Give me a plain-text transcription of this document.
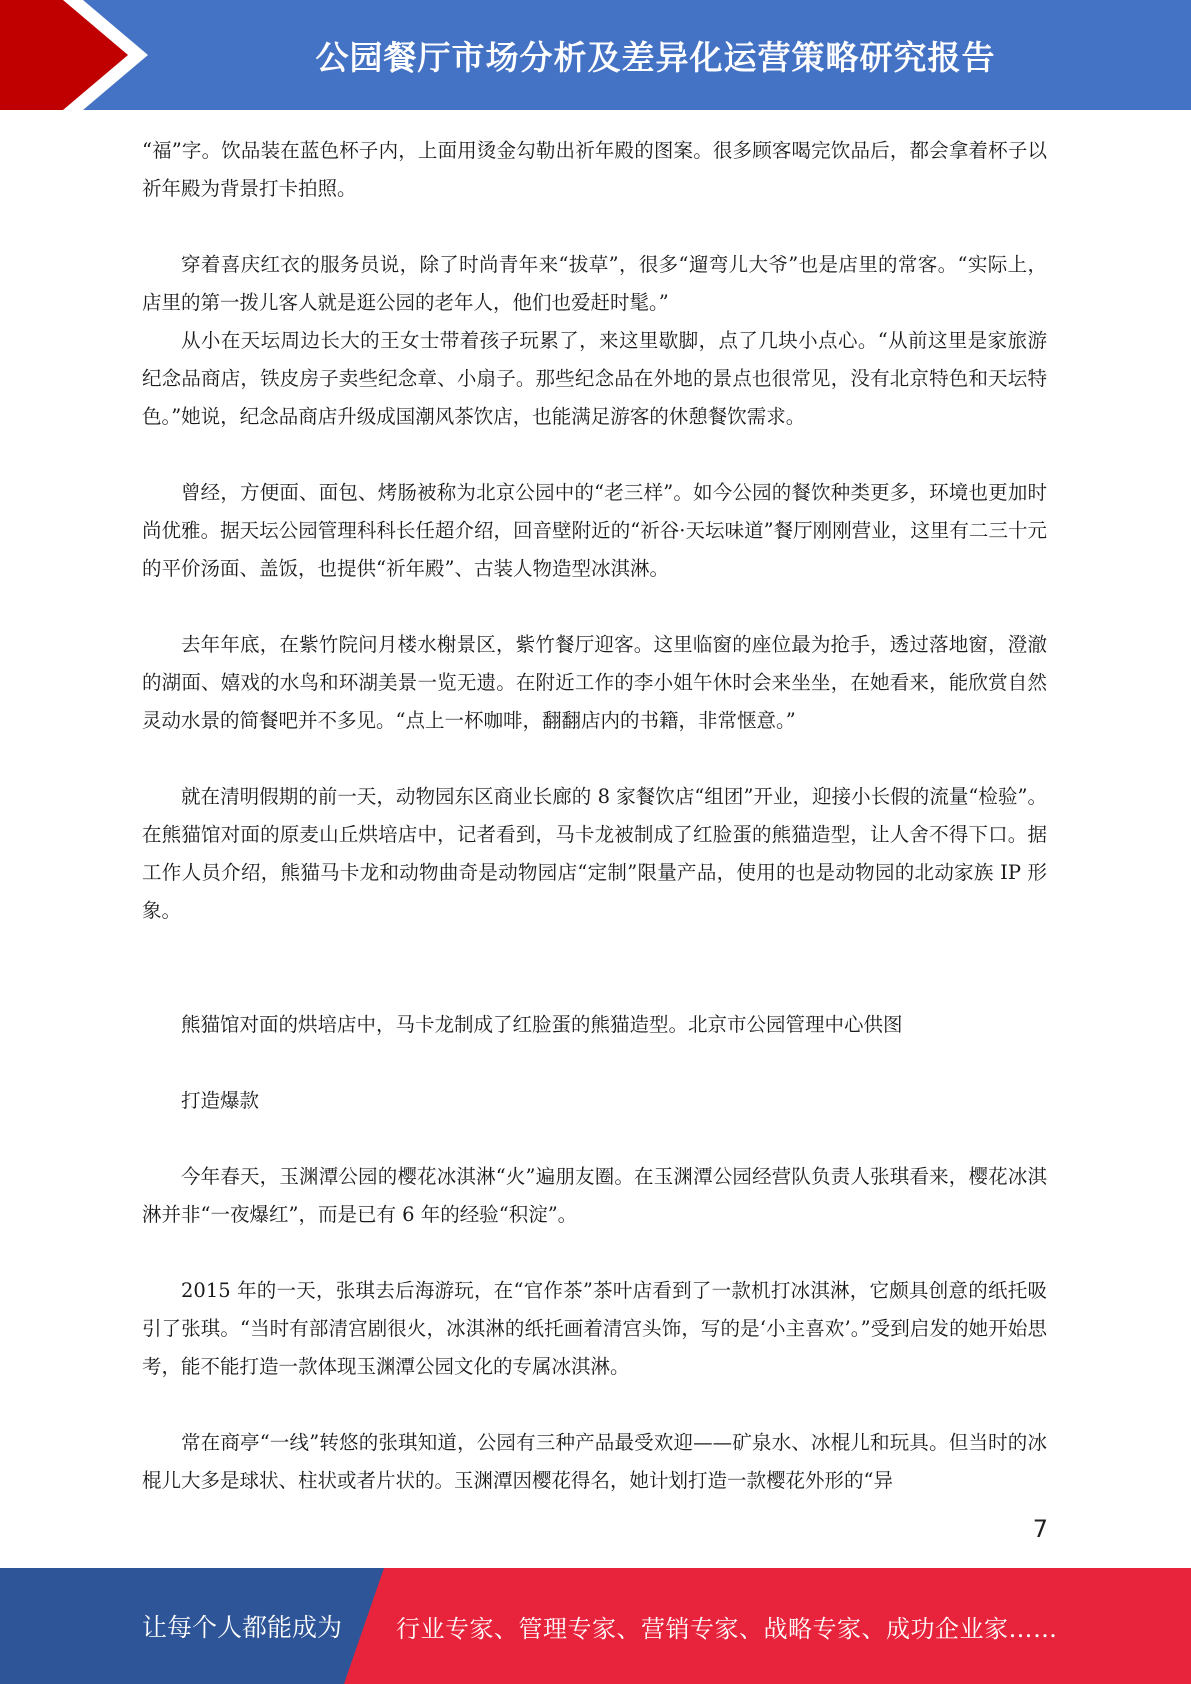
公园餐厅市场分析及差异化运营策略研究报告

“福”字。饮品装在蓝色杯子内，上面用烫金勾勒出祈年殿的图案。很多顾客喝完饮品后，都会拿着杯子以祈年殿为背景打卡拍照。

穿着喜庆红衣的服务员说，除了时尚青年来“拔草”，很多“遛弯儿大爷”也是店里的常客。“实际上，店里的第一拨儿客人就是逛公园的老年人，他们也爱赶时髦。”

从小在天坛周边长大的王女士带着孩子玩累了，来这里歇脚，点了几块小点心。“从前这里是家旅游纪念品商店，铁皮房子卖些纪念章、小扇子。那些纪念品在外地的景点也很常见，没有北京特色和天坛特色。”她说，纪念品商店升级成国潮风茶饮店，也能满足游客的休憩餐饮需求。

曾经，方便面、面包、烤肠被称为北京公园中的“老三样”。如今公园的餐饮种类更多，环境也更加时尚优雅。据天坛公园管理科科长任超介绍，回音壁附近的“祈谷·天坛味道”餐厅刚刚营业，这里有二三十元的平价汤面、盖饭，也提供“祈年殿”、古装人物造型冰淇淋。

去年年底，在紫竹院问月楼水榭景区，紫竹餐厅迎客。这里临窗的座位最为抢手，透过落地窗，澄澈的湖面、嬉戏的水鸟和环湖美景一览无遗。在附近工作的李小姐午休时会来坐坐，在她看来，能欣赏自然灵动水景的简餐吧并不多见。“点上一杯咖啡，翻翻店内的书籍，非常惬意。”

就在清明假期的前一天，动物园东区商业长廊的 8 家餐饮店“组团”开业，迎接小长假的流量“检验”。在熊猫馆对面的原麦山丘烘培店中，记者看到，马卡龙被制成了红脸蛋的熊猫造型，让人舍不得下口。据工作人员介绍，熊猫马卡龙和动物曲奇是动物园店“定制”限量产品，使用的也是动物园的北动家族 IP 形象。

熊猫馆对面的烘培店中，马卡龙制成了红脸蛋的熊猫造型。北京市公园管理中心供图

打造爆款

今年春天，玉渊潭公园的樱花冰淇淋“火”遍朋友圈。在玉渊潭公园经营队负责人张琪看来，樱花冰淇淋并非“一夜爆红”，而是已有 6 年的经验“积淀”。

2015 年的一天，张琪去后海游玩，在“官作茶”茶叶店看到了一款机打冰淇淋，它颇具创意的纸托吸引了张琪。“当时有部清宫剧很火，冰淇淋的纸托画着清宫头饰，写的是‘小主喜欢’。”受到启发的她开始思考，能不能打造一款体现玉渊潭公园文化的专属冰淇淋。

常在商亭“一线”转悠的张琪知道，公园有三种产品最受欢迎——矿泉水、冰棍儿和玩具。但当时的冰棍儿大多是球状、柱状或者片状的。玉渊潭因樱花得名，她计划打造一款樱花外形的“异

7
让每个人都能成为 行业专家、管理专家、营销专家、战略专家、成功企业家……
